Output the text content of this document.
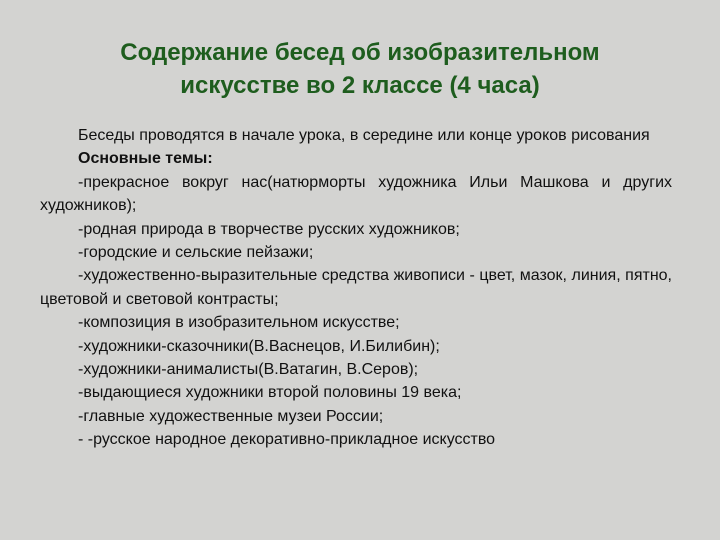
Содержание бесед об изобразительном
искусстве во 2 классе (4 часа)

Беседы проводятся в начале урока, в середине или конце уроков рисования

Основные темы:

-прекрасное вокруг нас(натюрморты художника Ильи Машкова и других художников);

-родная природа в творчестве русских художников;

-городские и сельские пейзажи;

-художественно-выразительные средства живописи - цвет, мазок, линия, пятно, цветовой и световой контрасты;

-композиция в изобразительном искусстве;

-художники-сказочники(В.Васнецов, И.Билибин);

-художники-анималисты(В.Ватагин, В.Серов);

-выдающиеся художники второй половины 19 века;

-главные художественные музеи России;

- -русское народное декоративно-прикладное искусство
